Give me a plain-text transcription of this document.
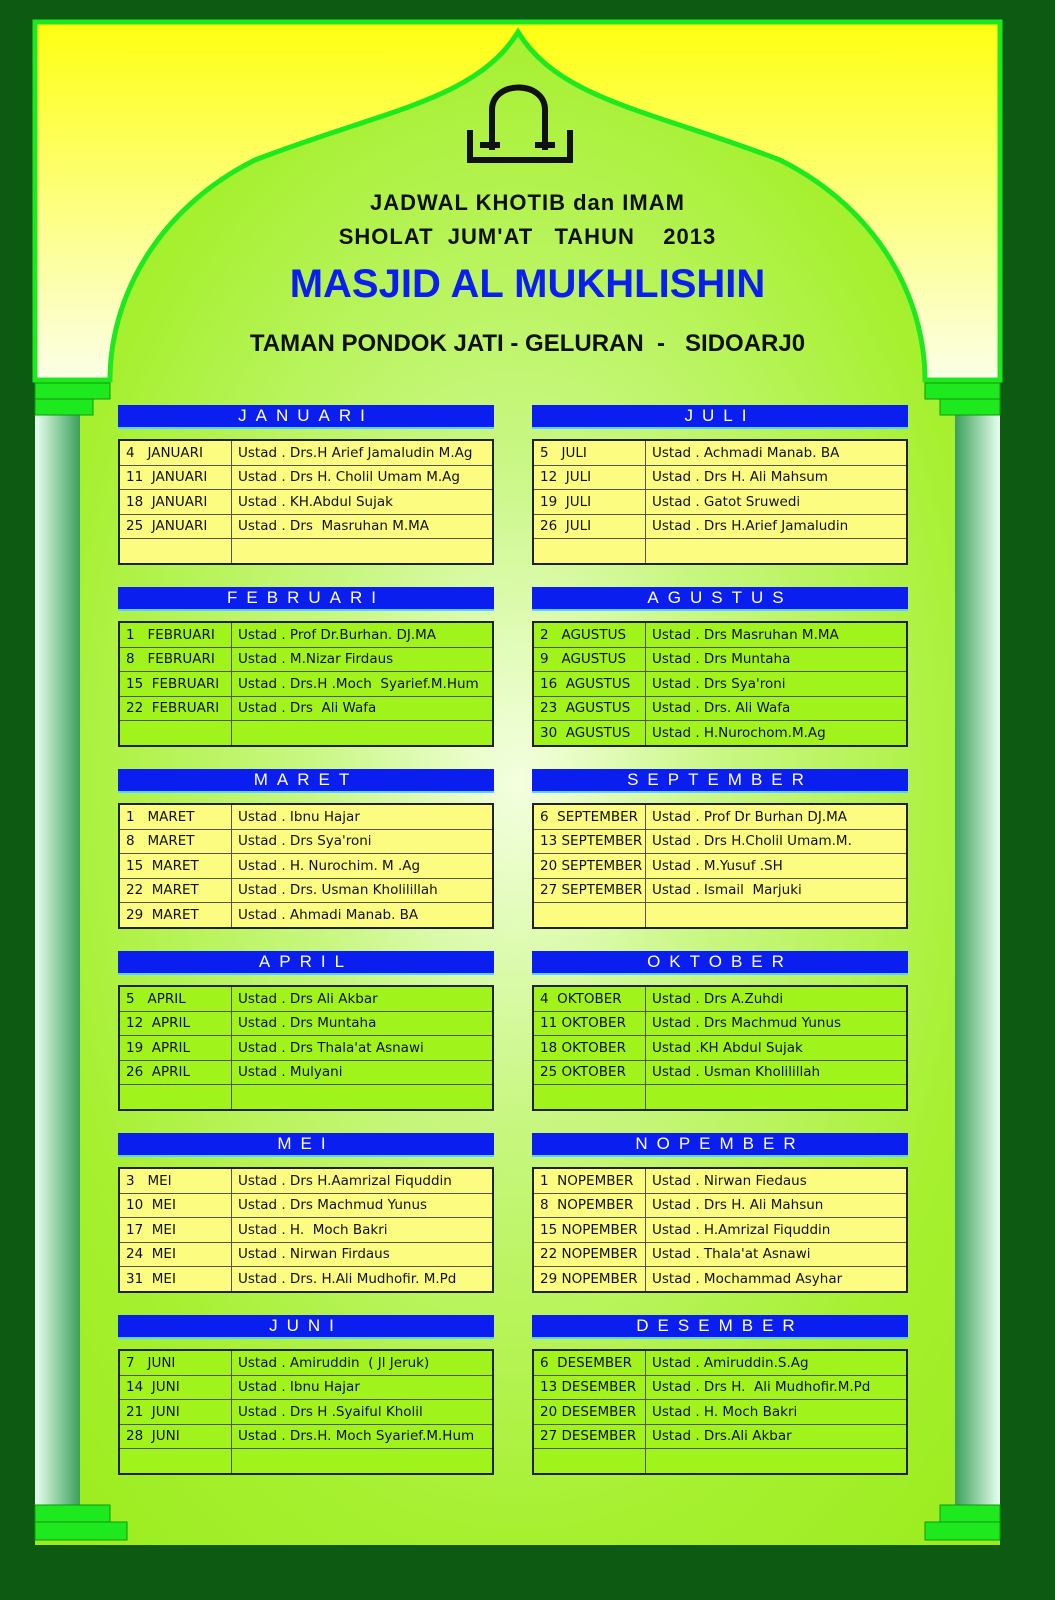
JADWAL KHOTIB dan IMAM
SHOLAT  JUM'AT   TAHUN    2013
MASJID AL MUKHLISHIN
TAMAN PONDOK JATI - GELURAN  -   SIDOARJ0
JANUARI
4   JANUARI	Ustad . Drs.H Arief Jamaludin M.Ag
11  JANUARI	Ustad . Drs H. Cholil Umam M.Ag
18  JANUARI	Ustad . KH.Abdul Sujak
25  JANUARI	Ustad . Drs  Masruhan M.MA

FEBRUARI
1   FEBRUARI	Ustad . Prof Dr.Burhan. DJ.MA
8   FEBRUARI	Ustad . M.Nizar Firdaus
15  FEBRUARI	Ustad . Drs.H .Moch  Syarief.M.Hum
22  FEBRUARI	Ustad . Drs  Ali Wafa

MARET
1   MARET	Ustad . Ibnu Hajar
8   MARET	Ustad . Drs Sya'roni
15  MARET	Ustad . H. Nurochim. M .Ag
22  MARET	Ustad . Drs. Usman Kholilillah
29  MARET	Ustad . Ahmadi Manab. BA
APRIL
5   APRIL	Ustad . Drs Ali Akbar
12  APRIL	Ustad . Drs Muntaha
19  APRIL	Ustad . Drs Thala'at Asnawi
26  APRIL	Ustad . Mulyani

MEI
3   MEI	Ustad . Drs H.Aamrizal Fiquddin
10  MEI	Ustad . Drs Machmud Yunus
17  MEI	Ustad . H.  Moch Bakri
24  MEI	Ustad . Nirwan Firdaus
31  MEI	Ustad . Drs. H.Ali Mudhofir. M.Pd
JUNI
7   JUNI	Ustad . Amiruddin  ( Jl Jeruk)
14  JUNI	Ustad . Ibnu Hajar
21  JUNI	Ustad . Drs H .Syaiful Kholil
28  JUNI	Ustad . Drs.H. Moch Syarief.M.Hum

JULI
5   JULI	Ustad . Achmadi Manab. BA
12  JULI	Ustad . Drs H. Ali Mahsum
19  JULI	Ustad . Gatot Sruwedi
26  JULI	Ustad . Drs H.Arief Jamaludin

AGUSTUS
2   AGUSTUS	Ustad . Drs Masruhan M.MA
9   AGUSTUS	Ustad . Drs Muntaha
16  AGUSTUS	Ustad . Drs Sya'roni
23  AGUSTUS	Ustad . Drs. Ali Wafa
30  AGUSTUS	Ustad . H.Nurochom.M.Ag
SEPTEMBER
6  SEPTEMBER	Ustad . Prof Dr Burhan DJ.MA
13 SEPTEMBER	Ustad . Drs H.Cholil Umam.M.
20 SEPTEMBER	Ustad . M.Yusuf .SH
27 SEPTEMBER	Ustad . Ismail  Marjuki

OKTOBER
4  OKTOBER	Ustad . Drs A.Zuhdi
11 OKTOBER	Ustad . Drs Machmud Yunus
18 OKTOBER	Ustad .KH Abdul Sujak
25 OKTOBER	Ustad . Usman Kholilillah

NOPEMBER
1  NOPEMBER	Ustad . Nirwan Fiedaus
8  NOPEMBER	Ustad . Drs H. Ali Mahsun
15 NOPEMBER	Ustad . H.Amrizal Fiquddin
22 NOPEMBER	Ustad . Thala'at Asnawi
29 NOPEMBER	Ustad . Mochammad Asyhar
DESEMBER
6  DESEMBER	Ustad . Amiruddin.S.Ag
13 DESEMBER	Ustad . Drs H.  Ali Mudhofir.M.Pd
20 DESEMBER	Ustad . H. Moch Bakri
27 DESEMBER	Ustad . Drs.Ali Akbar
